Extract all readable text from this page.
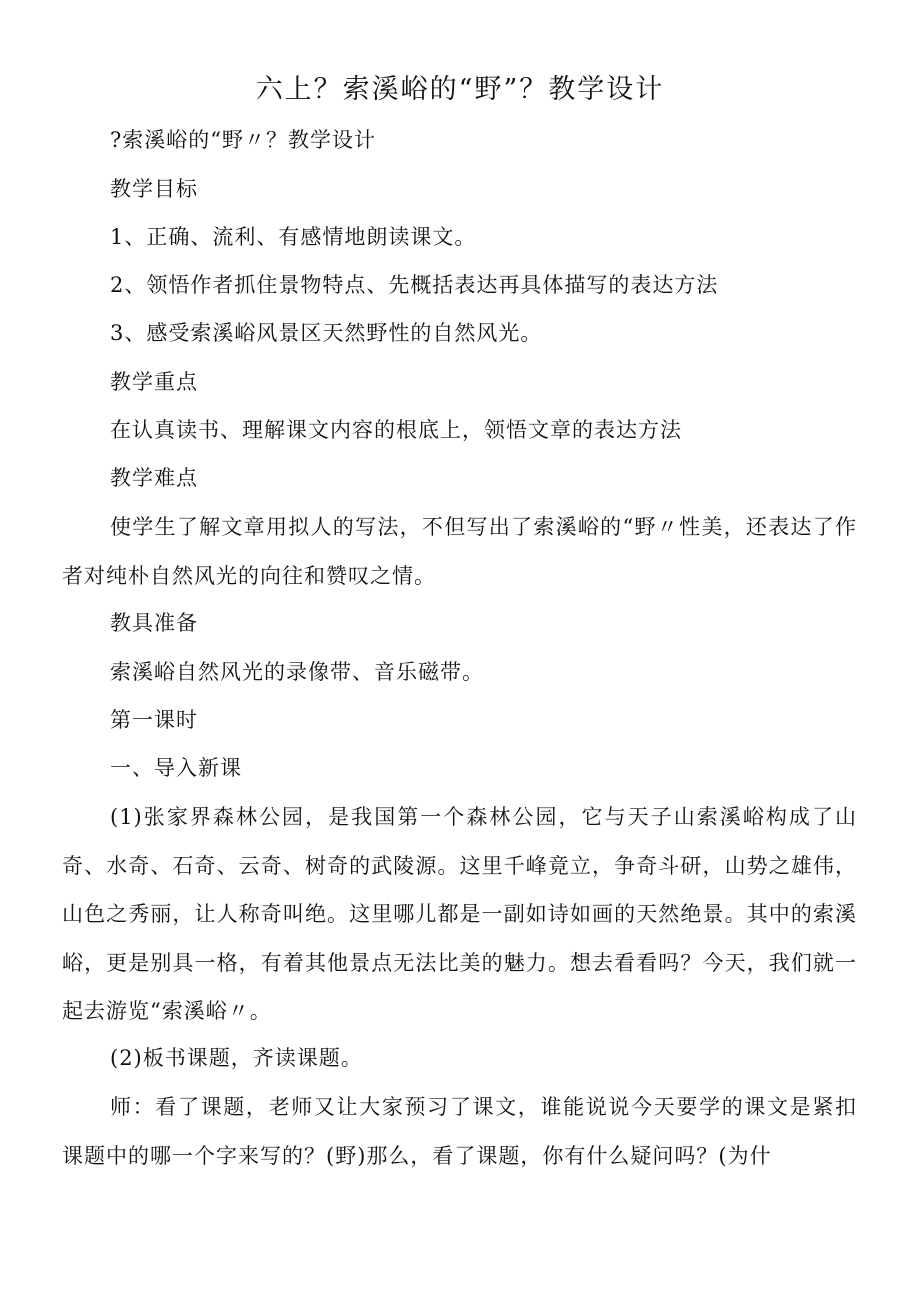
六上？索溪峪的“野”？教学设计

?索溪峪的“野〃？教学设计

教学目标

1、正确、流利、有感情地朗读课文。

2、领悟作者抓住景物特点、先概括表达再具体描写的表达方法

3、感受索溪峪风景区天然野性的自然风光。

教学重点

在认真读书、理解课文内容的根底上，领悟文章的表达方法

教学难点

使学生了解文章用拟人的写法，不但写出了索溪峪的“野〃性美，还表达了作者对纯朴自然风光的向往和赞叹之情。

教具准备

索溪峪自然风光的录像带、音乐磁带。

第一课时

一、导入新课

(1)张家界森林公园，是我国第一个森林公园，它与天子山索溪峪构成了山奇、水奇、石奇、云奇、树奇的武陵源。这里千峰竟立，争奇斗研，山势之雄伟，山色之秀丽，让人称奇叫绝。这里哪儿都是一副如诗如画的天然绝景。其中的索溪峪，更是别具一格，有着其他景点无法比美的魅力。想去看看吗？今天，我们就一起去游览“索溪峪〃。

(2)板书课题，齐读课题。

师：看了课题，老师又让大家预习了课文，谁能说说今天要学的课文是紧扣课题中的哪一个字来写的？(野)那么，看了课题，你有什么疑问吗？(为什
